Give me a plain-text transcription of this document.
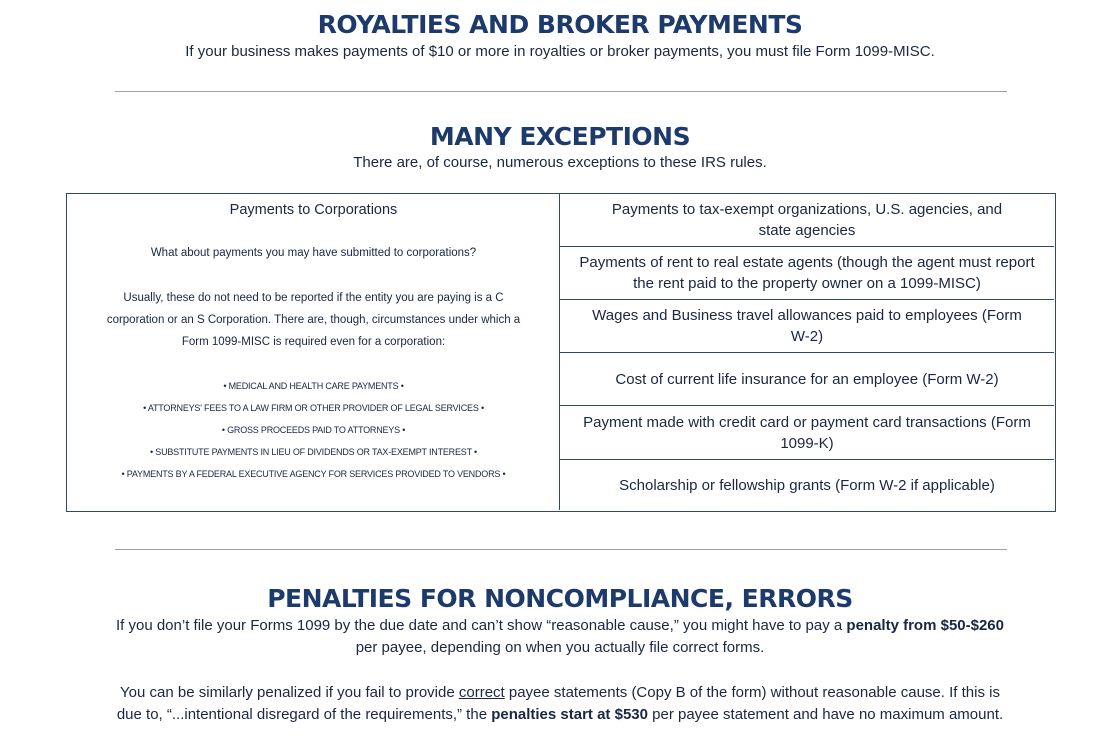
ROYALTIES AND BROKER PAYMENTS
If your business makes payments of $10 or more in royalties or broker payments, you must file Form 1099-MISC.
MANY EXCEPTIONS
There are, of course, numerous exceptions to these IRS rules.
Payments to Corporations
What about payments you may have submitted to corporations?
Usually, these do not need to be reported if the entity you are paying is a C
corporation or an S Corporation. There are, though, circumstances under which a
Form 1099-MISC is required even for a corporation:
• MEDICAL AND HEALTH CARE PAYMENTS •
• ATTORNEYS' FEES TO A LAW FIRM OR OTHER PROVIDER OF LEGAL SERVICES •
• GROSS PROCEEDS PAID TO ATTORNEYS •
• SUBSTITUTE PAYMENTS IN LIEU OF DIVIDENDS OR TAX-EXEMPT INTEREST •
• PAYMENTS BY A FEDERAL EXECUTIVE AGENCY FOR SERVICES PROVIDED TO VENDORS •
Payments to tax-exempt organizations, U.S. agencies, and state agencies
Payments of rent to real estate agents (though the agent must report the rent paid to the property owner on a 1099-MISC)
Wages and Business travel allowances paid to employees (Form W-2)
Cost of current life insurance for an employee (Form W-2)
Payment made with credit card or payment card transactions (Form 1099-K)
Scholarship or fellowship grants (Form W-2 if applicable)
PENALTIES FOR NONCOMPLIANCE, ERRORS
If you don’t file your Forms 1099 by the due date and can’t show “reasonable cause,” you might have to pay a penalty from $50-$260
per payee, depending on when you actually file correct forms.
You can be similarly penalized if you fail to provide correct payee statements (Copy B of the form) without reasonable cause. If this is
due to, “...intentional disregard of the requirements,” the penalties start at $530 per payee statement and have no maximum amount.
